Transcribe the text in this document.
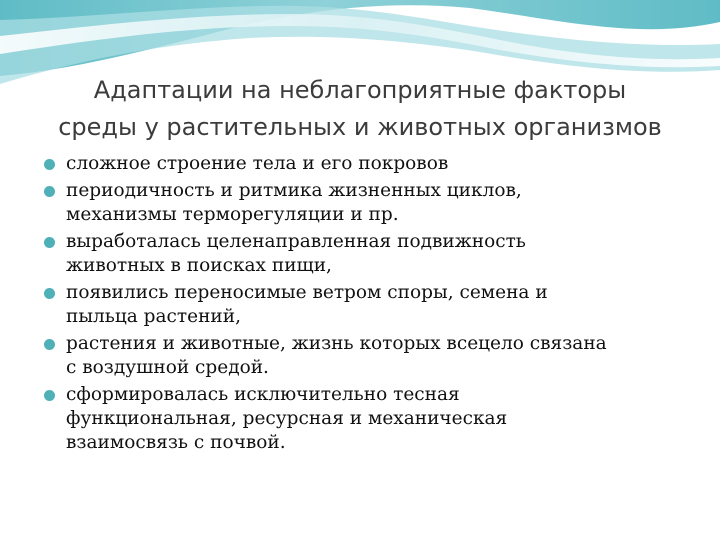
Адаптации на неблагоприятные факторы
среды у растительных и животных организмов
сложное строение тела и его покровов
периодичность и ритмика жизненных циклов,
механизмы терморегуляции и пр.
выработалась целенаправленная подвижность
животных в поисках пищи,
появились переносимые ветром споры, семена и
пыльца растений,
растения и животные, жизнь которых всецело связана
с воздушной средой.
сформировалась исключительно тесная
функциональная, ресурсная и механическая
взаимосвязь с почвой.
